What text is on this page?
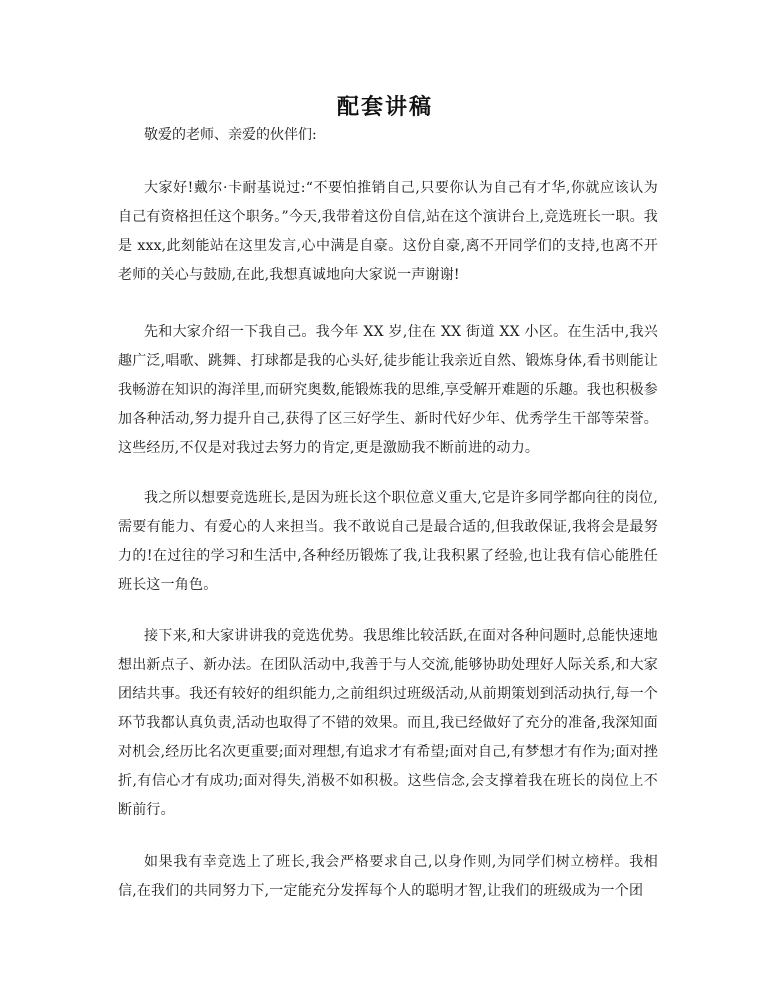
配套讲稿
敬爱的老师、亲爱的伙伴们:

大家好!戴尔·卡耐基说过:“不要怕推销自己,只要你认为自己有才华,你就应该认为自己有资格担任这个职务。”今天,我带着这份自信,站在这个演讲台上,竞选班长一职。我是 xxx,此刻能站在这里发言,心中满是自豪。这份自豪,离不开同学们的支持,也离不开老师的关心与鼓励,在此,我想真诚地向大家说一声谢谢!

先和大家介绍一下我自己。我今年 XX 岁,住在 XX 街道 XX 小区。在生活中,我兴趣广泛,唱歌、跳舞、打球都是我的心头好,徒步能让我亲近自然、锻炼身体,看书则能让我畅游在知识的海洋里,而研究奥数,能锻炼我的思维,享受解开难题的乐趣。我也积极参加各种活动,努力提升自己,获得了区三好学生、新时代好少年、优秀学生干部等荣誉。这些经历,不仅是对我过去努力的肯定,更是激励我不断前进的动力。

我之所以想要竞选班长,是因为班长这个职位意义重大,它是许多同学都向往的岗位,需要有能力、有爱心的人来担当。我不敢说自己是最合适的,但我敢保证,我将会是最努力的!在过往的学习和生活中,各种经历锻炼了我,让我积累了经验,也让我有信心能胜任班长这一角色。

接下来,和大家讲讲我的竞选优势。我思维比较活跃,在面对各种问题时,总能快速地想出新点子、新办法。在团队活动中,我善于与人交流,能够协助处理好人际关系,和大家团结共事。我还有较好的组织能力,之前组织过班级活动,从前期策划到活动执行,每一个环节我都认真负责,活动也取得了不错的效果。而且,我已经做好了充分的准备,我深知面对机会,经历比名次更重要;面对理想,有追求才有希望;面对自己,有梦想才有作为;面对挫折,有信心才有成功;面对得失,消极不如积极。这些信念,会支撑着我在班长的岗位上不断前行。

如果我有幸竞选上了班长,我会严格要求自己,以身作则,为同学们树立榜样。我相信,在我们的共同努力下,一定能充分发挥每个人的聪明才智,让我们的班级成为一个团
